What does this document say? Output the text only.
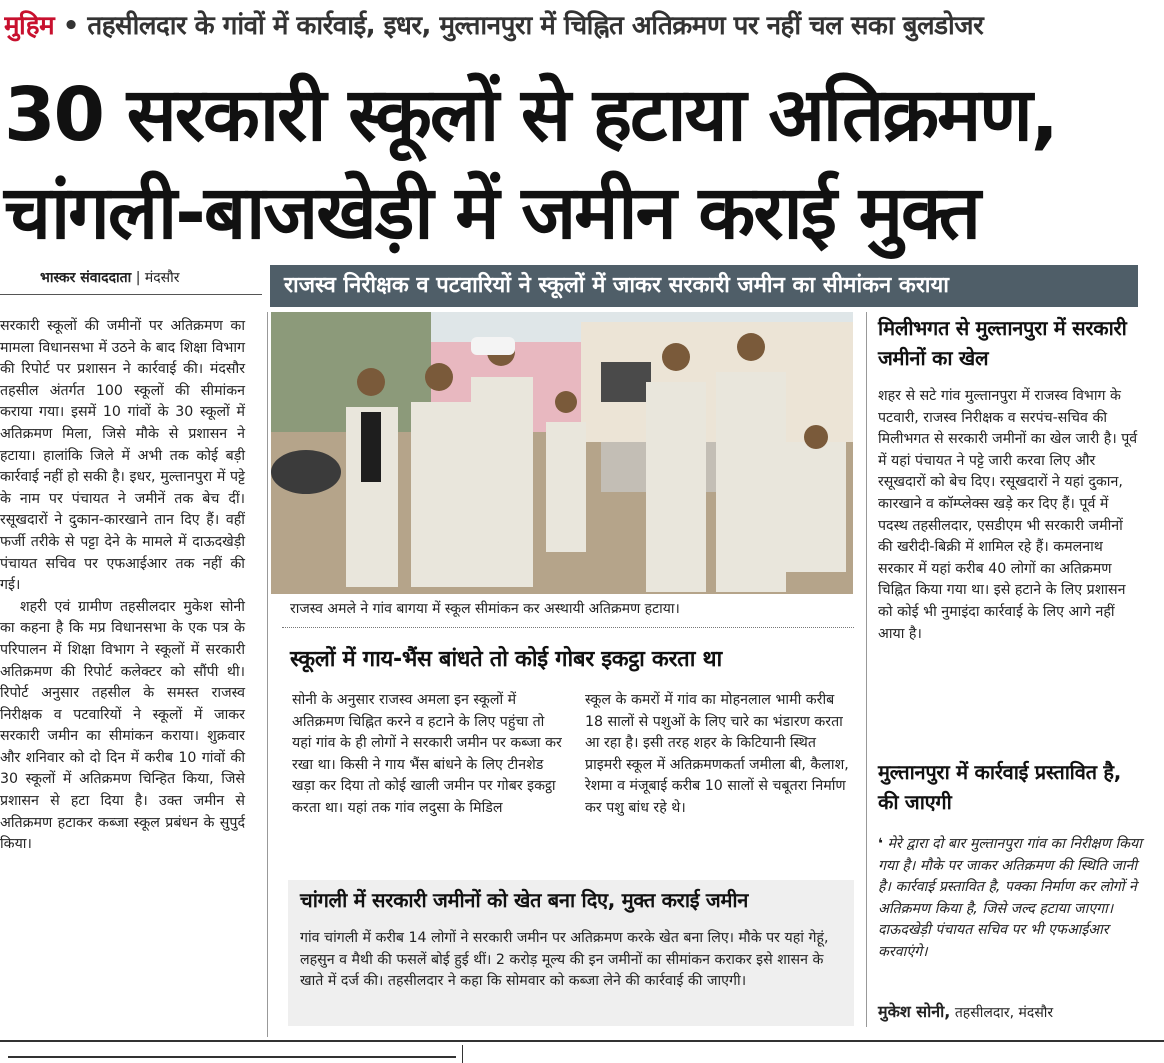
मुहिम • तहसीलदार के गांवों में कार्रवाई, इधर, मुल्तानपुरा में चिह्नित अतिक्रमण पर नहीं चल सका बुलडोजर
30 सरकारी स्कूलों से हटाया अतिक्रमण,
चांगली-बाजखेड़ी में जमीन कराई मुक्त
भास्कर संवाददाता | मंदसौर	राजस्व निरीक्षक व पटवारियों ने स्कूलों में जाकर सरकारी जमीन का सीमांकन कराया
सरकारी स्कूलों की जमीनों पर अतिक्रमण का मामला विधानसभा में उठने के बाद शिक्षा विभाग की रिपोर्ट पर प्रशासन ने कार्रवाई की। मंदसौर तहसील अंतर्गत 100 स्कूलों की सीमांकन कराया गया। इसमें 10 गांवों के 30 स्कूलों में अतिक्रमण मिला, जिसे मौके से प्रशासन ने हटाया। हालांकि जिले में अभी तक कोई बड़ी कार्रवाई नहीं हो सकी है। इधर, मुल्तानपुरा में पट्टे के नाम पर पंचायत ने जमीनें तक बेच दीं। रसूखदारों ने दुकान-कारखाने तान दिए हैं। वहीं फर्जी तरीके से पट्टा देने के मामले में दाऊदखेड़ी पंचायत सचिव पर एफआईआर तक नहीं की गई।
शहरी एवं ग्रामीण तहसीलदार मुकेश सोनी का कहना है कि मप्र विधानसभा के एक पत्र के परिपालन में शिक्षा विभाग ने स्कूलों में सरकारी अतिक्रमण की रिपोर्ट कलेक्टर को सौंपी थी। रिपोर्ट अनुसार तहसील के समस्त राजस्व निरीक्षक व पटवारियों ने स्कूलों में जाकर सरकारी जमीन का सीमांकन कराया। शुक्रवार और शनिवार को दो दिन में करीब 10 गांवों की 30 स्कूलों में अतिक्रमण चिन्हित किया, जिसे प्रशासन से हटा दिया है। उक्त जमीन से अतिक्रमण हटाकर कब्जा स्कूल प्रबंधन के सुपुर्द किया।
राजस्व अमले ने गांव बागया में स्कूल सीमांकन कर अस्थायी अतिक्रमण हटाया।
स्कूलों में गाय-भैंस बांधते तो कोई गोबर इकट्ठा करता था
सोनी के अनुसार राजस्व अमला इन स्कूलों में अतिक्रमण चिह्नित करने व हटाने के लिए पहुंचा तो यहां गांव के ही लोगों ने सरकारी जमीन पर कब्जा कर रखा था। किसी ने गाय भैंस बांधने के लिए टीनशेड खड़ा कर दिया तो कोई खाली जमीन पर गोबर इकट्ठा करता था। यहां तक गांव लदुसा के मिडिल
स्कूल के कमरों में गांव का मोहनलाल भामी करीब 18 सालों से पशुओं के लिए चारे का भंडारण करता आ रहा है। इसी तरह शहर के किटियानी स्थित प्राइमरी स्कूल में अतिक्रमणकर्ता जमीला बी, कैलाश, रेशमा व मंजूबाई करीब 10 सालों से चबूतरा निर्माण कर पशु बांध रहे थे।
चांगली में सरकारी जमीनों को खेत बना दिए, मुक्त कराई जमीन
गांव चांगली में करीब 14 लोगों ने सरकारी जमीन पर अतिक्रमण करके खेत बना लिए। मौके पर यहां गेहूं, लहसुन व मैथी की फसलें बोई हुई थीं। 2 करोड़ मूल्य की इन जमीनों का सीमांकन कराकर इसे शासन के खाते में दर्ज की। तहसीलदार ने कहा कि सोमवार को कब्जा लेने की कार्रवाई की जाएगी।
मिलीभगत से मुल्तानपुरा में सरकारी जमीनों का खेल
शहर से सटे गांव मुल्तानपुरा में राजस्व विभाग के पटवारी, राजस्व निरीक्षक व सरपंच-सचिव की मिलीभगत से सरकारी जमीनों का खेल जारी है। पूर्व में यहां पंचायत ने पट्टे जारी करवा लिए और रसूखदारों को बेच दिए। रसूखदारों ने यहां दुकान, कारखाने व कॉम्प्लेक्स खड़े कर दिए हैं। पूर्व में पदस्थ तहसीलदार, एसडीएम भी सरकारी जमीनों की खरीदी-बिक्री में शामिल रहे हैं। कमलनाथ सरकार में यहां करीब 40 लोगों का अतिक्रमण चिह्नित किया गया था। इसे हटाने के लिए प्रशासन को कोई भी नुमाइंदा कार्रवाई के लिए आगे नहीं आया है।
मुल्तानपुरा में कार्रवाई प्रस्तावित है, की जाएगी
❛ मेरे द्वारा दो बार मुल्तानपुरा गांव का निरीक्षण किया गया है। मौके पर जाकर अतिक्रमण की स्थिति जानी है। कार्रवाई प्रस्तावित है, पक्का निर्माण कर लोगों ने अतिक्रमण किया है, जिसे जल्द हटाया जाएगा। दाऊदखेड़ी पंचायत सचिव पर भी एफआईआर करवाएंगे।
मुकेश सोनी, तहसीलदार, मंदसौर
